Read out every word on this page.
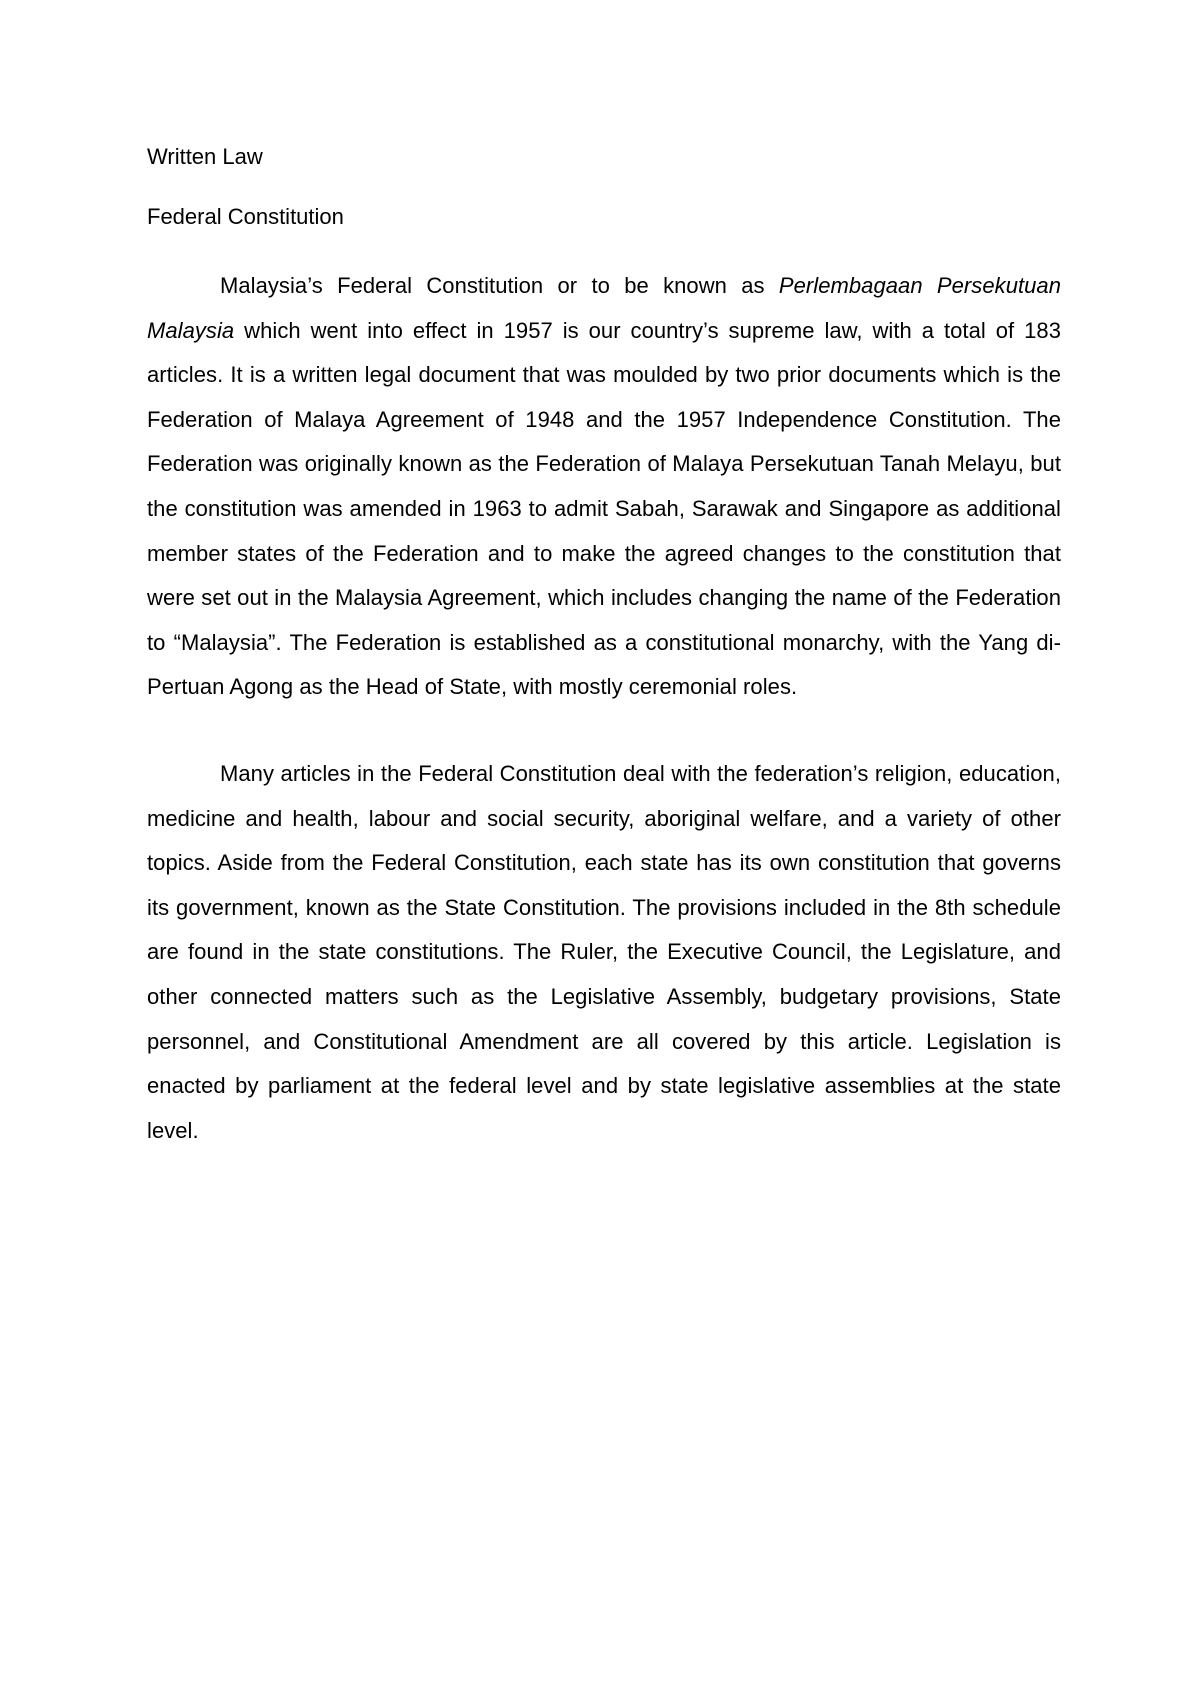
Written Law

Federal Constitution

Malaysia’s Federal Constitution or to be known as Perlembagaan Persekutuan Malaysia which went into effect in 1957 is our country’s supreme law, with a total of 183 articles. It is a written legal document that was moulded by two prior documents which is the Federation of Malaya Agreement of 1948 and the 1957 Independence Constitution. The Federation was originally known as the Federation of Malaya Persekutuan Tanah Melayu, but the constitution was amended in 1963 to admit Sabah, Sarawak and Singapore as additional member states of the Federation and to make the agreed changes to the constitution that were set out in the Malaysia Agreement, which includes changing the name of the Federation to “Malaysia”. The Federation is established as a constitutional monarchy, with the Yang di-Pertuan Agong as the Head of State, with mostly ceremonial roles.

Many articles in the Federal Constitution deal with the federation’s religion, education, medicine and health, labour and social security, aboriginal welfare, and a variety of other topics. Aside from the Federal Constitution, each state has its own constitution that governs its government, known as the State Constitution. The provisions included in the 8th schedule are found in the state constitutions. The Ruler, the Executive Council, the Legislature, and other connected matters such as the Legislative Assembly, budgetary provisions, State personnel, and Constitutional Amendment are all covered by this article. Legislation is enacted by parliament at the federal level and by state legislative assemblies at the state level.
